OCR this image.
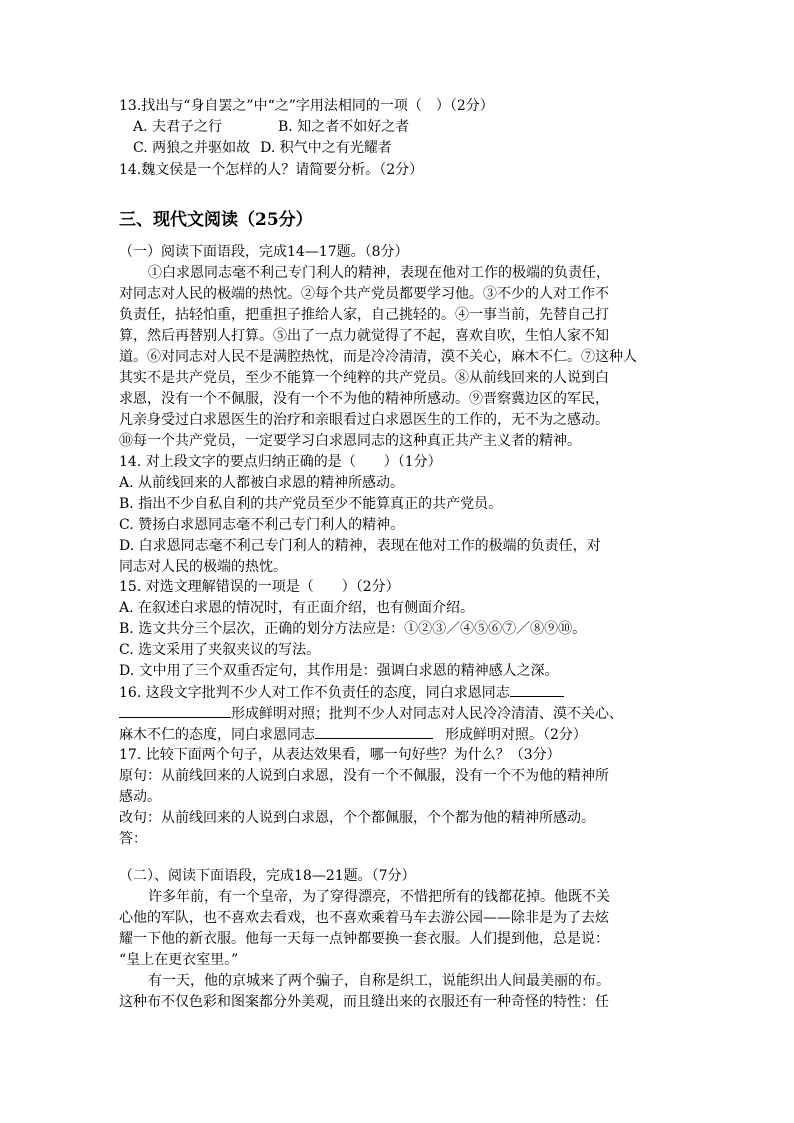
13.找出与“身自罢之”中“之”字用法相同的一项（　）（2分）
A. 夫君子之行	B. 知之者不如好之者
C. 两狼之并驱如故 D. 积气中之有光耀者
14.魏文侯是一个怎样的人？请简要分析。（2分）
三、现代文阅读（25分）
（一）阅读下面语段，完成14—17题。（8分）
①白求恩同志毫不利己专门利人的精神，表现在他对工作的极端的负责任，
对同志对人民的极端的热忱。②每个共产党员都要学习他。③不少的人对工作不
负责任，拈轻怕重，把重担子推给人家，自己挑轻的。④一事当前，先替自己打
算，然后再替别人打算。⑤出了一点力就觉得了不起，喜欢自吹，生怕人家不知
道。⑥对同志对人民不是满腔热忱，而是冷冷清清，漠不关心，麻木不仁。⑦这种人
其实不是共产党员，至少不能算一个纯粹的共产党员。⑧从前线回来的人说到白
求恩，没有一个不佩服，没有一个不为他的精神所感动。⑨晋察冀边区的军民，
凡亲身受过白求恩医生的治疗和亲眼看过白求恩医生的工作的，无不为之感动。
⑩每一个共产党员，一定要学习白求恩同志的这种真正共产主义者的精神。
14. 对上段文字的要点归纳正确的是（　　）（1分）
A. 从前线回来的人都被白求恩的精神所感动。
B. 指出不少自私自利的共产党员至少不能算真正的共产党员。
C. 赞扬白求恩同志毫不利己专门利人的精神。
D. 白求恩同志毫不利己专门利人的精神，表现在他对工作的极端的负责任，对
同志对人民的极端的热忱。
15. 对选文理解错误的一项是（　　）（2分）
A. 在叙述白求恩的情况时，有正面介绍，也有侧面介绍。
B. 选文共分三个层次，正确的划分方法应是：①②③／④⑤⑥⑦／⑧⑨⑩。
C. 选文采用了夹叙夹议的写法。
D. 文中用了三个双重否定句，其作用是：强调白求恩的精神感人之深。
16. 这段文字批判不少人对工作不负责任的态度，同白求恩同志
形成鲜明对照；批判不少人对同志对人民冷冷清清、漠不关心、
麻木不仁的态度，同白求恩同志	形成鲜明对照。（2分）
17. 比较下面两个句子，从表达效果看，哪一句好些？为什么？（3分）
原句：从前线回来的人说到白求恩，没有一个不佩服，没有一个不为他的精神所
感动。
改句：从前线回来的人说到白求恩，个个都佩服，个个都为他的精神所感动。
答：
（二）、阅读下面语段，完成18—21题。（7分）
许多年前，有一个皇帝，为了穿得漂亮，不惜把所有的钱都花掉。他既不关
心他的军队，也不喜欢去看戏，也不喜欢乘着马车去游公园——除非是为了去炫
耀一下他的新衣服。他每一天每一点钟都要换一套衣服。人们提到他，总是说：
“皇上在更衣室里。”
有一天，他的京城来了两个骗子，自称是织工，说能织出人间最美丽的布。
这种布不仅色彩和图案都分外美观，而且缝出来的衣服还有一种奇怪的特性：任
